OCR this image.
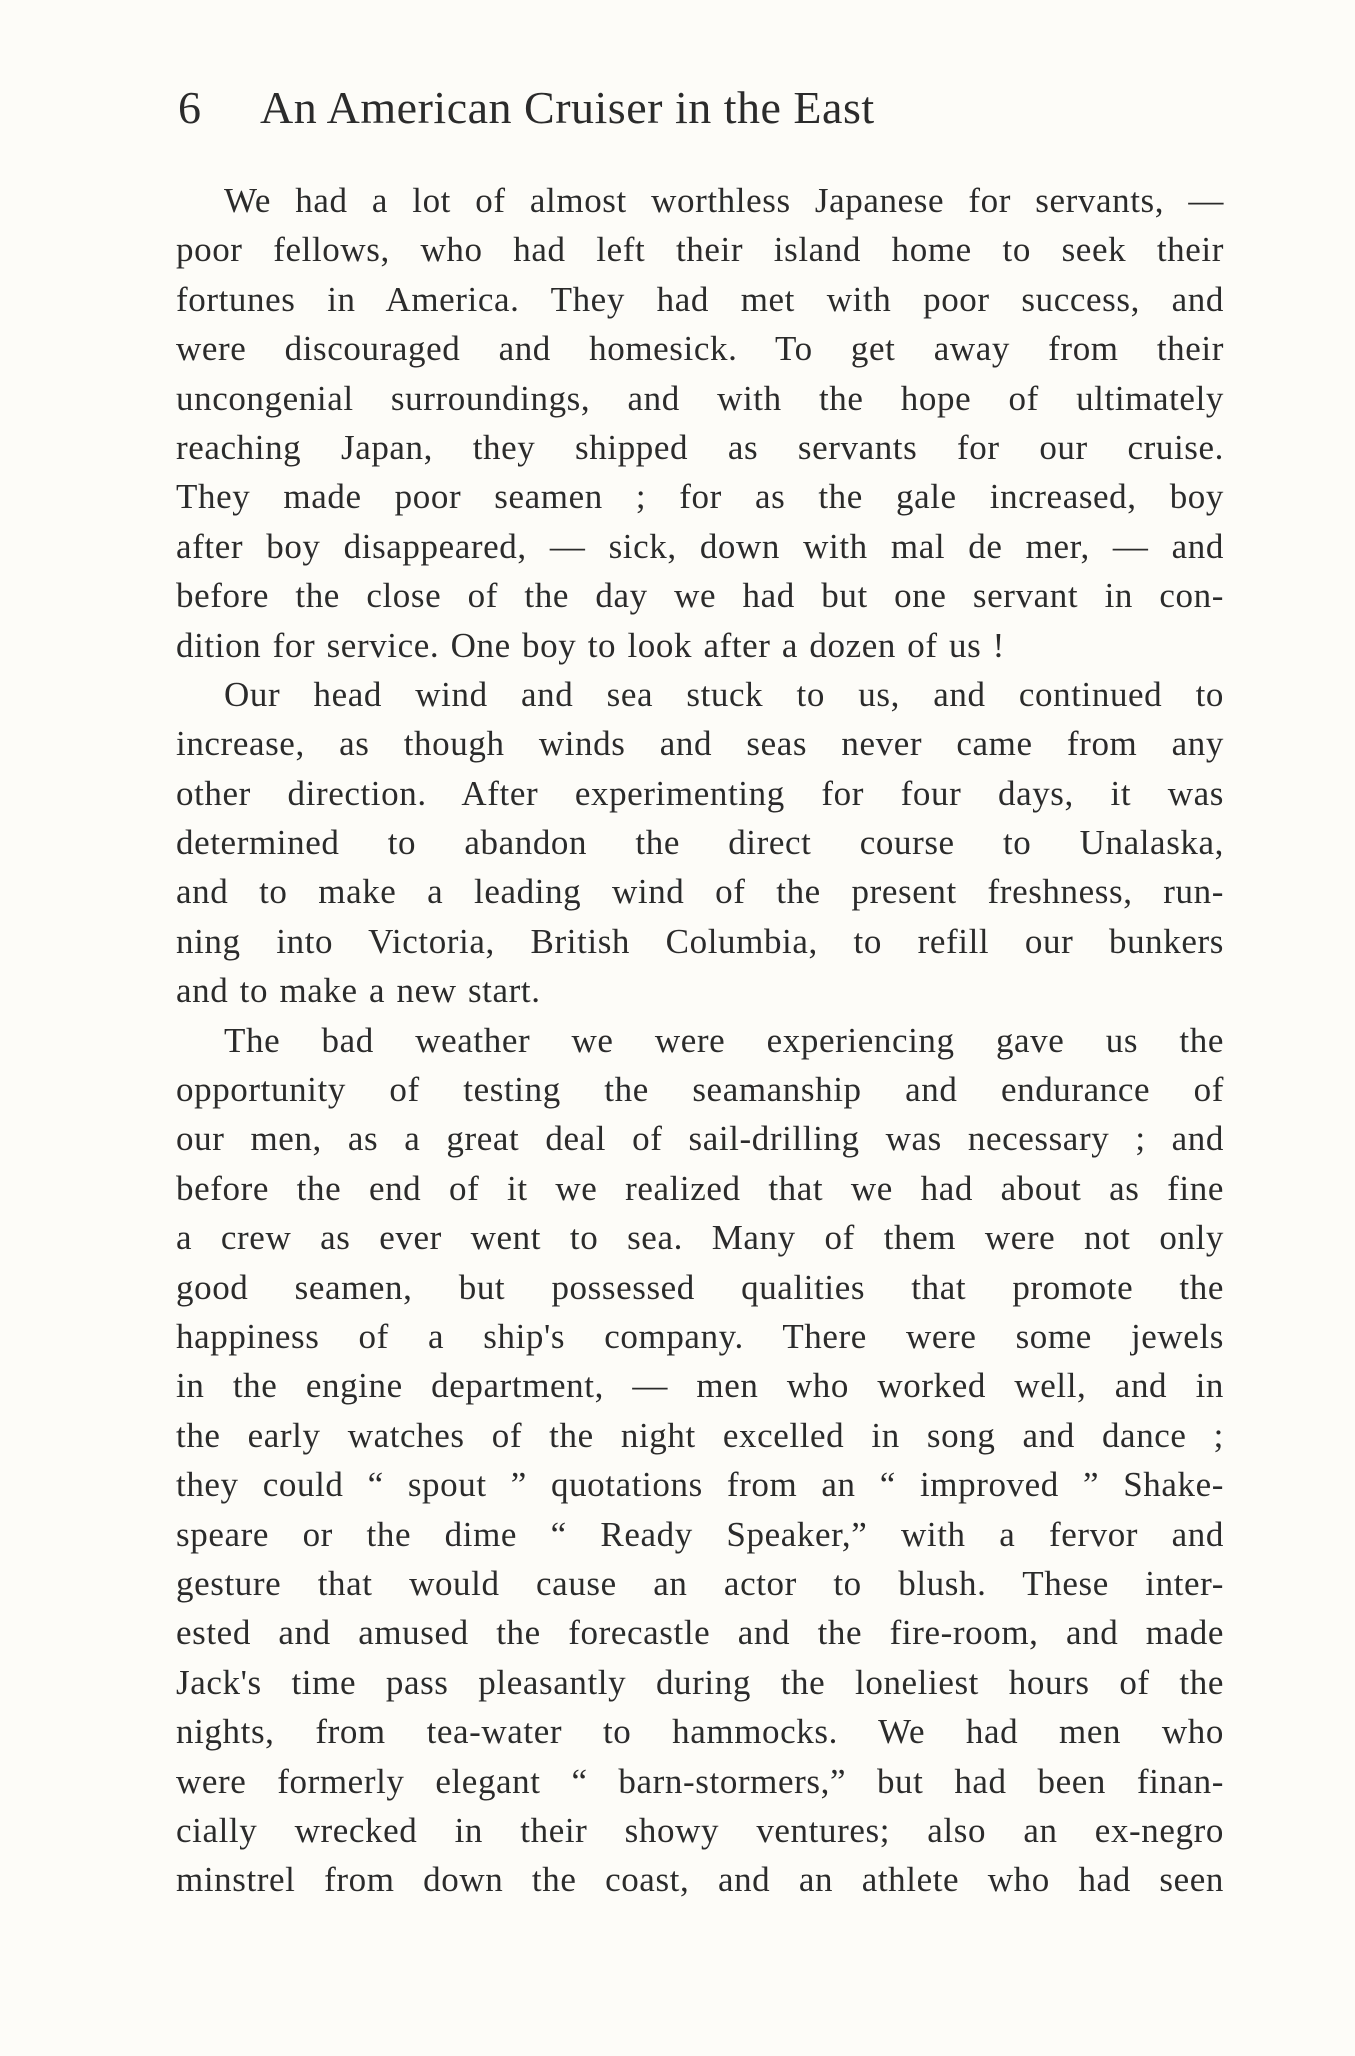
6 An American Cruiser in the East
We had a lot of almost worthless Japanese for servants, —
poor fellows, who had left their island home to seek their
fortunes in America. They had met with poor success, and
were discouraged and homesick. To get away from their
uncongenial surroundings, and with the hope of ultimately
reaching Japan, they shipped as servants for our cruise.
They made poor seamen ; for as the gale increased, boy
after boy disappeared, — sick, down with mal de mer, — and
before the close of the day we had but one servant in con-
dition for service. One boy to look after a dozen of us !
Our head wind and sea stuck to us, and continued to
increase, as though winds and seas never came from any
other direction. After experimenting for four days, it was
determined to abandon the direct course to Unalaska,
and to make a leading wind of the present freshness, run-
ning into Victoria, British Columbia, to refill our bunkers
and to make a new start.
The bad weather we were experiencing gave us the
opportunity of testing the seamanship and endurance of
our men, as a great deal of sail-drilling was necessary ; and
before the end of it we realized that we had about as fine
a crew as ever went to sea. Many of them were not only
good seamen, but possessed qualities that promote the
happiness of a ship's company. There were some jewels
in the engine department, — men who worked well, and in
the early watches of the night excelled in song and dance ;
they could “ spout ” quotations from an “ improved ” Shake-
speare or the dime “ Ready Speaker,” with a fervor and
gesture that would cause an actor to blush. These inter-
ested and amused the forecastle and the fire-room, and made
Jack's time pass pleasantly during the loneliest hours of the
nights, from tea-water to hammocks. We had men who
were formerly elegant “ barn-stormers,” but had been finan-
cially wrecked in their showy ventures; also an ex-negro
minstrel from down the coast, and an athlete who had seen
